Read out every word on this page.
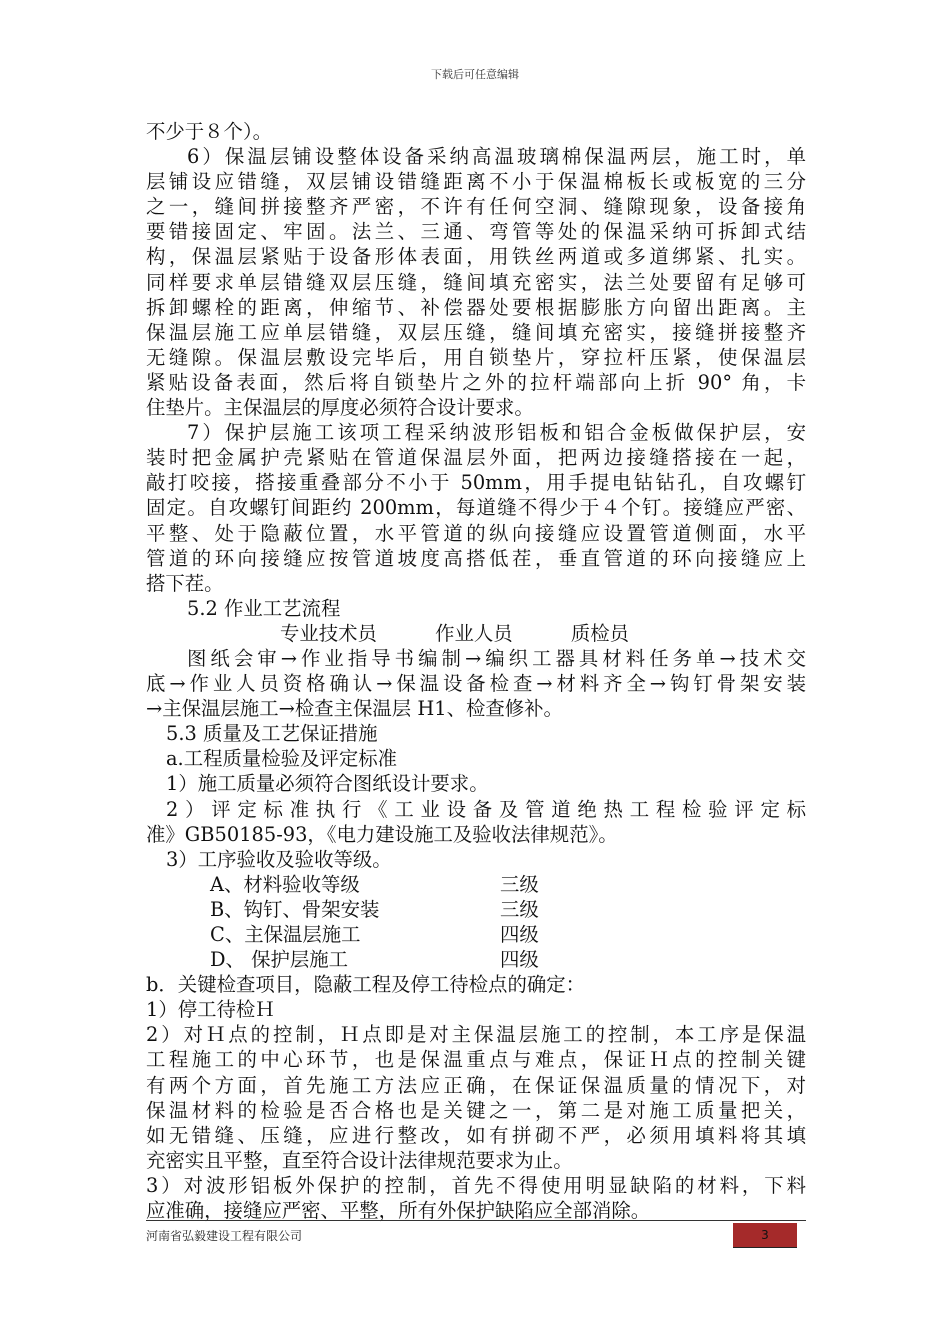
下载后可任意编辑
不少于８个）。
6）保温层铺设整体设备采纳高温玻璃棉保温两层，施工时，单
层铺设应错缝，双层铺设错缝距离不小于保温棉板长或板宽的三分
之一，缝间拼接整齐严密，不许有任何空洞、缝隙现象，设备接角
要错接固定、牢固。法兰、三通、弯管等处的保温采纳可拆卸式结
构，保温层紧贴于设备形体表面，用铁丝两道或多道绑紧、扎实。
同样要求单层错缝双层压缝，缝间填充密实，法兰处要留有足够可
拆卸螺栓的距离，伸缩节、补偿器处要根据膨胀方向留出距离。主
保温层施工应单层错缝，双层压缝，缝间填充密实，接缝拼接整齐
无缝隙。保温层敷设完毕后，用自锁垫片，穿拉杆压紧，使保温层
紧贴设备表面，然后将自锁垫片之外的拉杆端部向上折 90° 角，卡
住垫片。主保温层的厚度必须符合设计要求。
7）保护层施工该项工程采纳波形铝板和铝合金板做保护层，安
装时把金属护壳紧贴在管道保温层外面，把两边接缝搭接在一起，
敲打咬接，搭接重叠部分不小于 50mm，用手提电钻钻孔，自攻螺钉
固定。自攻螺钉间距约 200mm，每道缝不得少于４个钉。接缝应严密、
平整、处于隐蔽位置，水平管道的纵向接缝应设置管道侧面，水平
管道的环向接缝应按管道坡度高搭低茬，垂直管道的环向接缝应上
搭下茬。
5.2 作业工艺流程
专业技术员　　　作业人员　　　质检员
图纸会审→作业指导书编制→编织工器具材料任务单→技术交
底→作业人员资格确认→保温设备检查→材料齐全→钩钉骨架安装
→主保温层施工→检查主保温层 H1、检查修补。
5.3 质量及工艺保证措施
a.工程质量检验及评定标准
1）施工质量必须符合图纸设计要求。
2）评定标准执行《工业设备及管道绝热工程检验评定标
准》GB50185-93，《电力建设施工及验收法律规范》。
3）工序验收及验收等级。
A、材料验收等级	三级
B、钩钉、骨架安装	三级
C、主保温层施工	四级
D、 保护层施工	四级
b．关键检查项目，隐蔽工程及停工待检点的确定：
1）停工待检Ｈ
2）对Ｈ点的控制，Ｈ点即是对主保温层施工的控制，本工序是保温
工程施工的中心环节，也是保温重点与难点，保证Ｈ点的控制关键
有两个方面，首先施工方法应正确，在保证保温质量的情况下，对
保温材料的检验是否合格也是关键之一，第二是对施工质量把关，
如无错缝、压缝，应进行整改，如有拼砌不严，必须用填料将其填
充密实且平整，直至符合设计法律规范要求为止。
3）对波形铝板外保护的控制，首先不得使用明显缺陷的材料，下料
应准确，接缝应严密、平整，所有外保护缺陷应全部消除。
河南省弘毅建设工程有限公司	3
